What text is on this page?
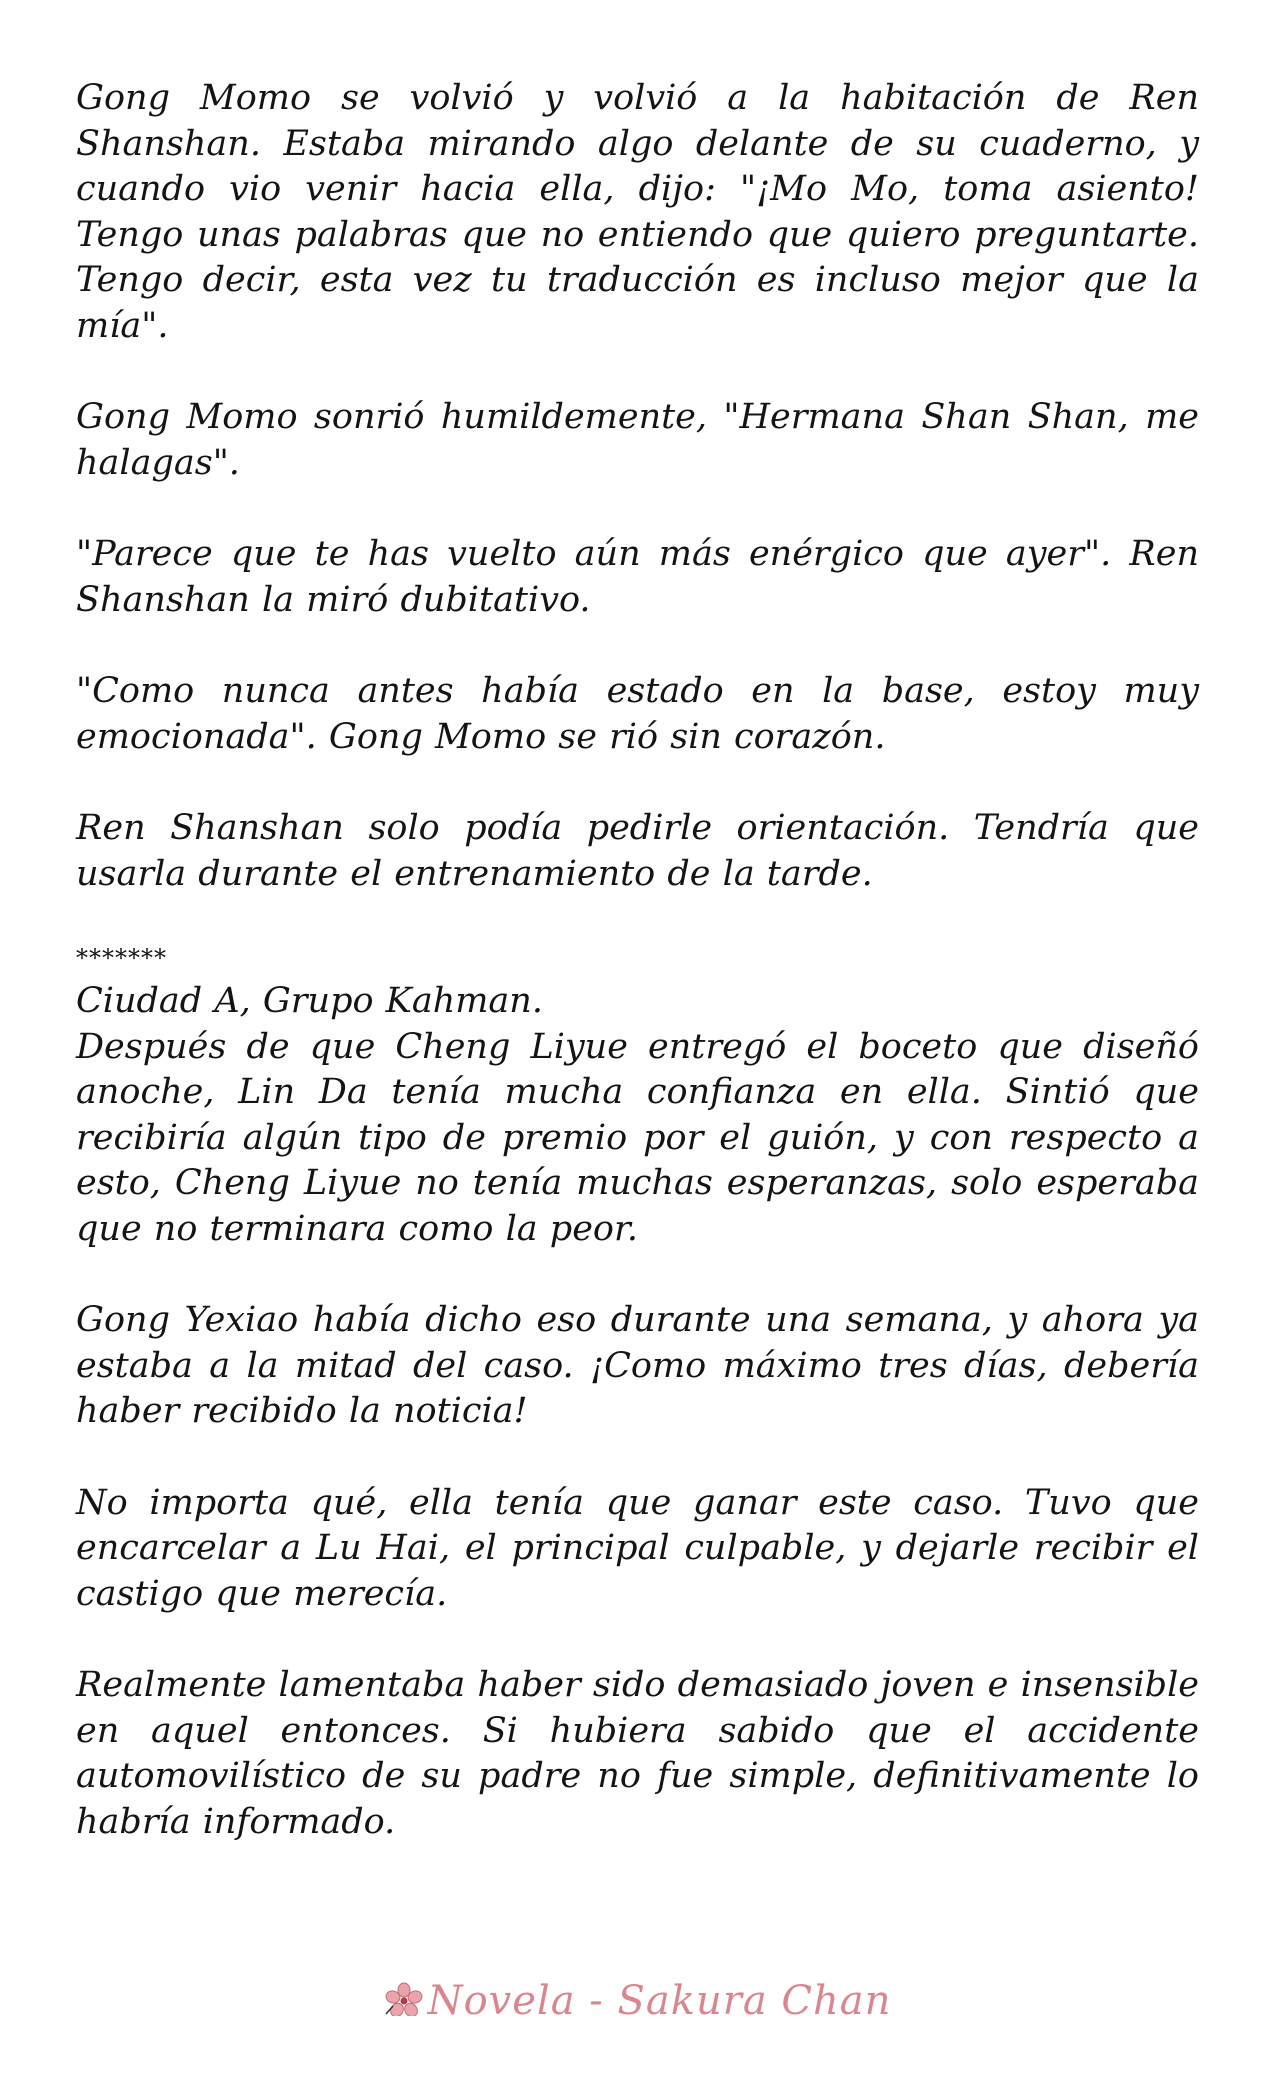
Gong Momo se volvió y volvió a la habitación de Ren Shanshan. Estaba mirando algo delante de su cuaderno, y cuando vio venir hacia ella, dijo: "¡Mo Mo, toma asiento! Tengo unas palabras que no entiendo que quiero preguntarte. Tengo decir, esta vez tu traducción es incluso mejor que la mía".

Gong Momo sonrió humildemente, "Hermana Shan Shan, me halagas".

"Parece que te has vuelto aún más enérgico que ayer". Ren Shanshan la miró dubitativo.

"Como nunca antes había estado en la base, estoy muy emocionada". Gong Momo se rió sin corazón.

Ren Shanshan solo podía pedirle orientación. Tendría que usarla durante el entrenamiento de la tarde.

*******

Ciudad A, Grupo Kahman.

Después de que Cheng Liyue entregó el boceto que diseñó anoche, Lin Da tenía mucha confianza en ella. Sintió que recibiría algún tipo de premio por el guión, y con respecto a esto, Cheng Liyue no tenía muchas esperanzas, solo esperaba que no terminara como la peor.

Gong Yexiao había dicho eso durante una semana, y ahora ya estaba a la mitad del caso. ¡Como máximo tres días, debería haber recibido la noticia!

No importa qué, ella tenía que ganar este caso. Tuvo que encarcelar a Lu Hai, el principal culpable, y dejarle recibir el castigo que merecía.

Realmente lamentaba haber sido demasiado joven e insensible en aquel entonces. Si hubiera sabido que el accidente automovilístico de su padre no fue simple, definitivamente lo habría informado.

Novela - Sakura Chan
